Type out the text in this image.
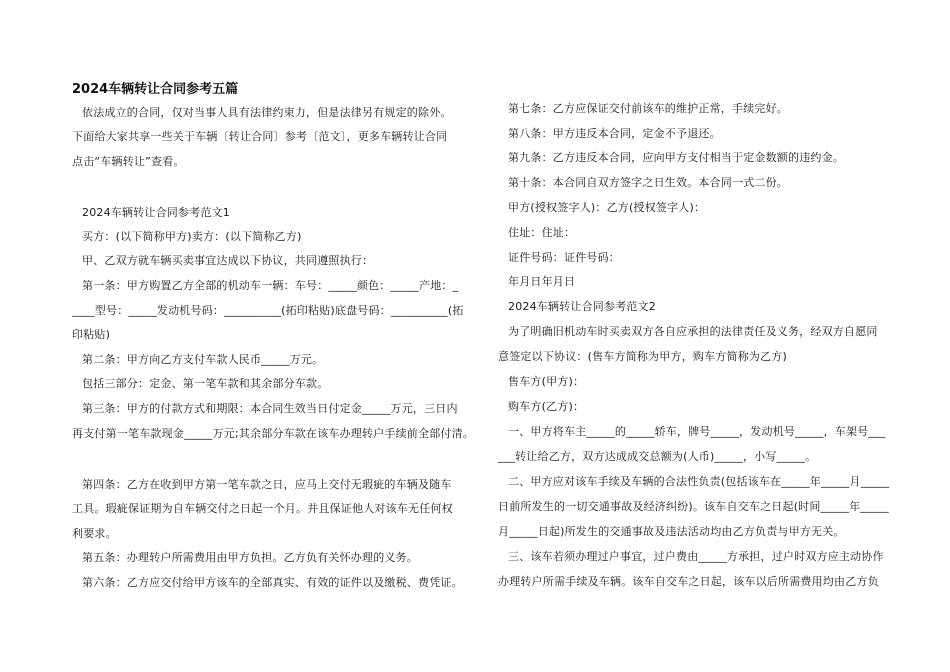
2024车辆转让合同参考五篇
依法成立的合同，仅对当事人具有法律约束力，但是法律另有规定的除外。
下面给大家共享一些关于车辆〔转让合同〕参考〔范文〕，更多车辆转让合同
点击“车辆转让”查看。
2024车辆转让合同参考范文1
买方：(以下简称甲方)卖方：(以下简称乙方)
甲、乙双方就车辆买卖事宜达成以下协议，共同遵照执行：
第一条：甲方购置乙方全部的机动车一辆：车号：_____颜色：_____产地：_
____型号：_____发动机号码：__________(拓印粘贴)底盘号码：__________(拓
印粘贴)
第二条：甲方向乙方支付车款人民币_____万元。
包括三部分：定金、第一笔车款和其余部分车款。
第三条：甲方的付款方式和期限：本合同生效当日付定金_____万元，三日内
再支付第一笔车款现金_____万元;其余部分车款在该车办理转户手续前全部付清。
第四条：乙方在收到甲方第一笔车款之日，应马上交付无瑕疵的车辆及随车
工具。瑕疵保证期为自车辆交付之日起一个月。并且保证他人对该车无任何权
利要求。
第五条：办理转户所需费用由甲方负担。乙方负有关怀办理的义务。
第六条：乙方应交付给甲方该车的全部真实、有效的证件以及缴税、费凭证。
第七条：乙方应保证交付前该车的维护正常，手续完好。
第八条：甲方违反本合同，定金不予退还。
第九条：乙方违反本合同，应向甲方支付相当于定金数额的违约金。
第十条：本合同自双方签字之日生效。本合同一式二份。
甲方(授权签字人)：乙方(授权签字人)：
住址：住址：
证件号码：证件号码：
年月日年月日
2024车辆转让合同参考范文2
为了明确旧机动车时买卖双方各自应承担的法律责任及义务，经双方自愿同
意签定以下协议：(售车方简称为甲方，购车方简称为乙方)
售车方(甲方)：
购车方(乙方)：
一、甲方将车主_____的_____轿车，牌号_____，发动机号_____，车架号___
___转让给乙方，双方达成成交总额为(人币)_____，小写_____。
二、甲方应对该车手续及车辆的合法性负责(包括该车在_____年_____月_____
日前所发生的一切交通事故及经济纠纷)。该车自交车之日起(时间_____年_____
月_____日起)所发生的交通事故及违法活动均由乙方负责与甲方无关。
三、该车若须办理过户事宜，过户费由_____方承担，过户时双方应主动协作
办理转户所需手续及车辆。该车自交车之日起，该车以后所需费用均由乙方负
